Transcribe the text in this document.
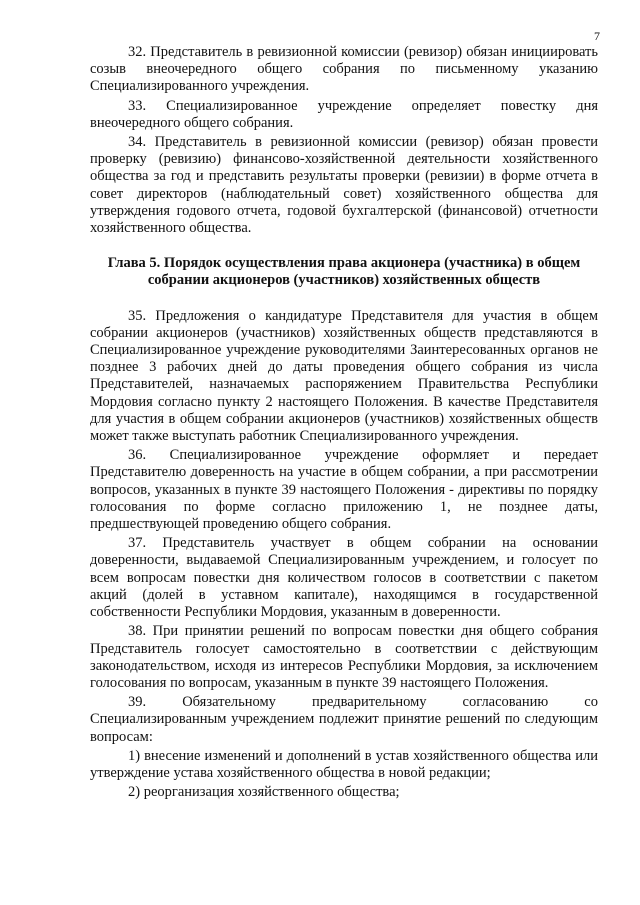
7

32. Представитель в ревизионной комиссии (ревизор) обязан инициировать созыв внеочередного общего собрания по письменному указанию Специализированного учреждения.

33. Специализированное учреждение определяет повестку дня внеочередного общего собрания.

34. Представитель в ревизионной комиссии (ревизор) обязан провести проверку (ревизию) финансово-хозяйственной деятельности хозяйственного общества за год и представить результаты проверки (ревизии) в форме отчета в совет директоров (наблюдательный совет) хозяйственного общества для утверждения годового отчета, годовой бухгалтерской (финансовой) отчетности хозяйственного общества.

Глава 5. Порядок осуществления права акционера (участника) в общем собрании акционеров (участников) хозяйственных обществ

35. Предложения о кандидатуре Представителя для участия в общем собрании акционеров (участников) хозяйственных обществ представляются в Специализированное учреждение руководителями Заинтересованных органов не позднее 3 рабочих дней до даты проведения общего собрания из числа Представителей, назначаемых распоряжением Правительства Республики Мордовия согласно пункту 2 настоящего Положения. В качестве Представителя для участия в общем собрании акционеров (участников) хозяйственных обществ может также выступать работник Специализированного учреждения.

36. Специализированное учреждение оформляет и передает Представителю доверенность на участие в общем собрании, а при рассмотрении вопросов, указанных в пункте 39 настоящего Положения - директивы по порядку голосования по форме согласно приложению 1, не позднее даты, предшествующей проведению общего собрания.

37. Представитель участвует в общем собрании на основании доверенности, выдаваемой Специализированным учреждением, и голосует по всем вопросам повестки дня количеством голосов в соответствии с пакетом акций (долей в уставном капитале), находящимся в государственной собственности Республики Мордовия, указанным в доверенности.

38. При принятии решений по вопросам повестки дня общего собрания Представитель голосует самостоятельно в соответствии с действующим законодательством, исходя из интересов Республики Мордовия, за исключением голосования по вопросам, указанным в пункте 39 настоящего Положения.

39. Обязательному предварительному согласованию со Специализированным учреждением подлежит принятие решений по следующим вопросам:

1) внесение изменений и дополнений в устав хозяйственного общества или утверждение устава хозяйственного общества в новой редакции;

2) реорганизация хозяйственного общества;
